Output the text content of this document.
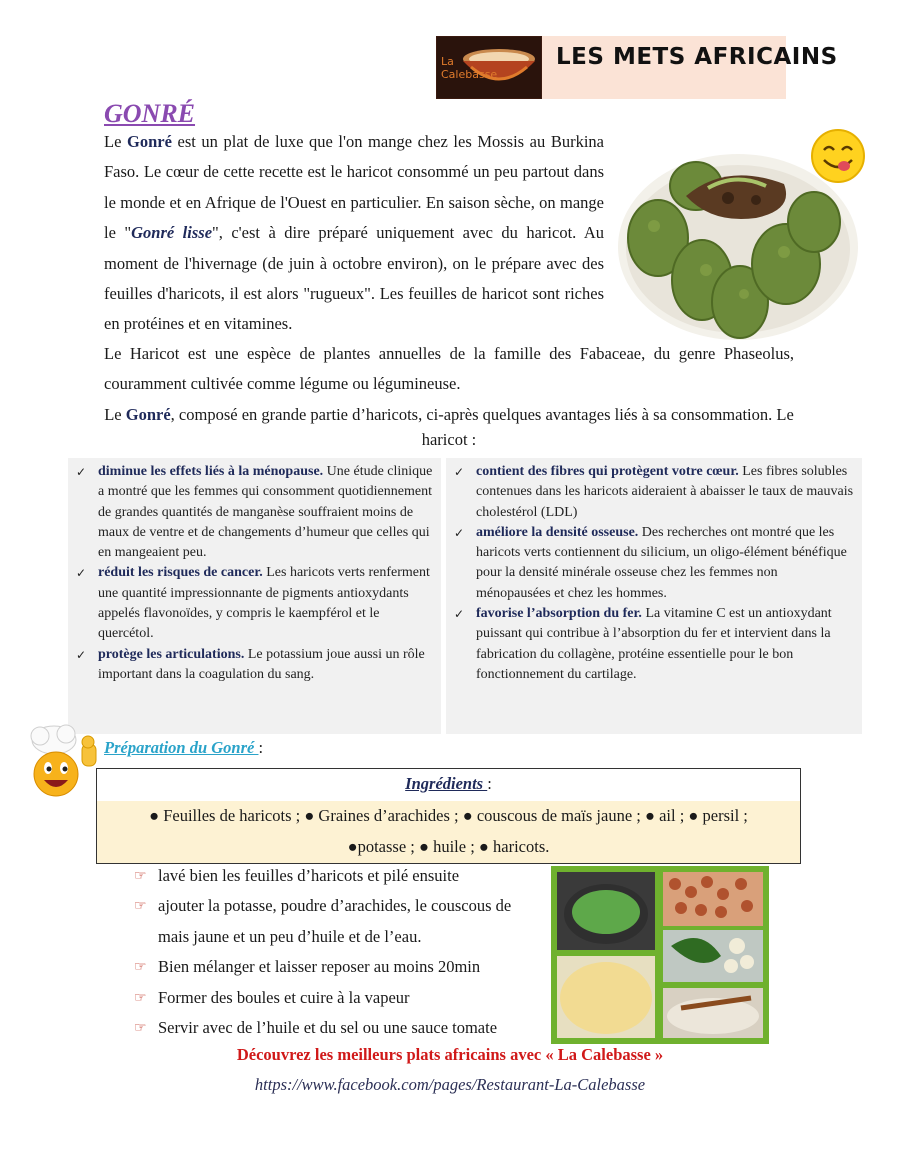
La Calebasse
LES METS AFRICAINS
GONRÉ
Le Gonré est un plat de luxe que l'on mange chez les Mossis au Burkina Faso. Le cœur de cette recette est le haricot consommé un peu partout dans le monde et en Afrique de l'Ouest en particulier. En saison sèche, on mange le "Gonré lisse", c'est à dire préparé uniquement avec du haricot. Au moment de l'hivernage (de juin à octobre environ), on le prépare avec des feuilles d'haricots, il est alors "rugueux". Les feuilles de haricot sont riches en protéines et en vitamines.
Le Haricot est une espèce de plantes annuelles de la famille des Fabaceae, du genre Phaseolus, couramment cultivée comme légume ou légumineuse.
Le Gonré, composé en grande partie d’haricots, ci-après quelques avantages liés à sa consommation. Le haricot :
✓ diminue les effets liés à la ménopause. Une étude clinique a montré que les femmes qui consomment quotidiennement de grandes quantités de manganèse souffraient moins de maux de ventre et de changements d’humeur que celles qui en mangeaient peu.
✓ réduit les risques de cancer. Les haricots verts renferment une quantité impressionnante de pigments antioxydants appelés flavonoïdes, y compris le kaempférol et le quercétol.
✓ protège les articulations. Le potassium joue aussi un rôle important dans la coagulation du sang.
✓ contient des fibres qui protègent votre cœur. Les fibres solubles contenues dans les haricots aideraient à abaisser le taux de mauvais cholestérol (LDL)
✓ améliore la densité osseuse. Des recherches ont montré que les haricots verts contiennent du silicium, un oligo-élément bénéfique pour la densité minérale osseuse chez les femmes non ménopausées et chez les hommes.
✓ favorise l’absorption du fer. La vitamine C est un antioxydant puissant qui contribue à l’absorption du fer et intervient dans la fabrication du collagène, protéine essentielle pour le bon fonctionnement du cartilage.
Préparation du Gonré :
Ingrédients :
● Feuilles de haricots ; ● Graines d’arachides ; ● couscous de maïs jaune ; ● ail ; ● persil ;
●potasse ; ● huile ; ● haricots.
☞ lavé bien les feuilles d’haricots et pilé ensuite
☞ ajouter la potasse, poudre d’arachides, le couscous de
mais jaune et un peu d’huile et de l’eau.
☞ Bien mélanger et laisser reposer au moins 20min
☞ Former des boules et cuire à la vapeur
☞ Servir avec de l’huile et du sel ou une sauce tomate
Découvrez les meilleurs plats africains avec « La Calebasse »
https://www.facebook.com/pages/Restaurant-La-Calebasse
